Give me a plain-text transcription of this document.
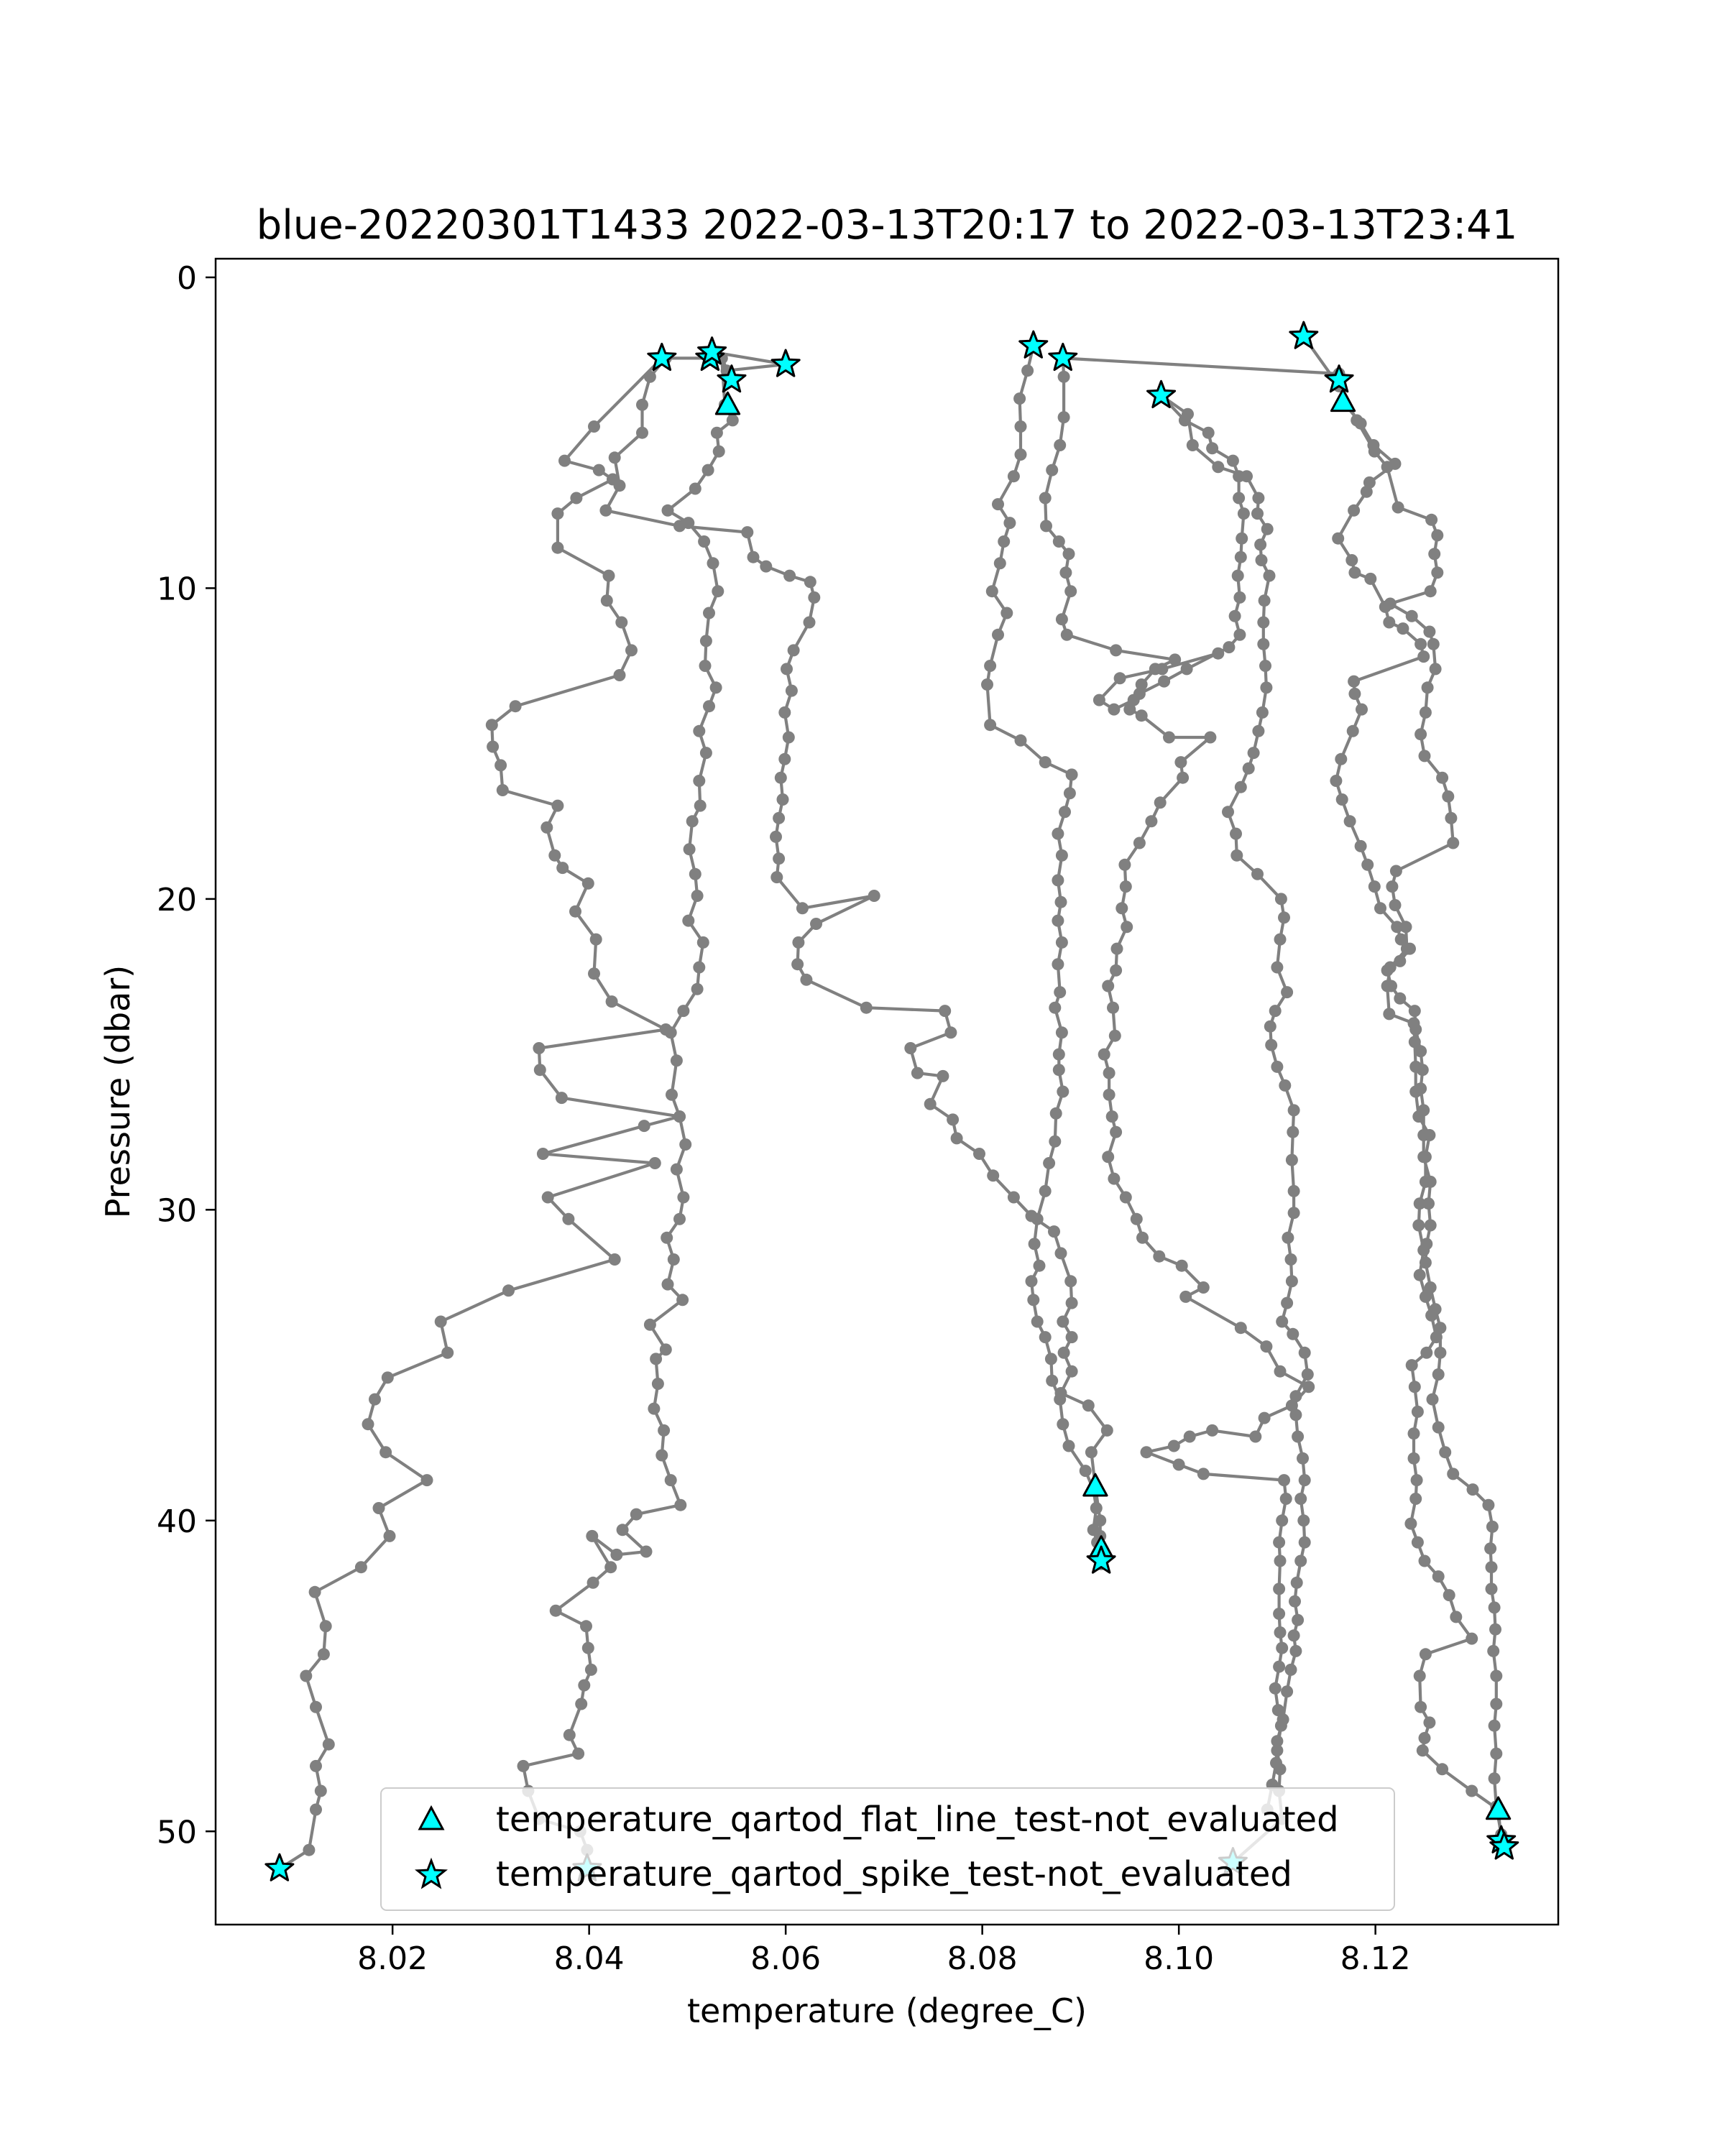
8.02	8.04	8.06	8.08	8.10	8.12
0
10
20
30
40
50
blue-20220301T1433 2022-03-13T20:17 to 2022-03-13T23:41
temperature (degree_C)
Pressure (dbar)
temperature_qartod_flat_line_test-not_evaluated
temperature_qartod_spike_test-not_evaluated
